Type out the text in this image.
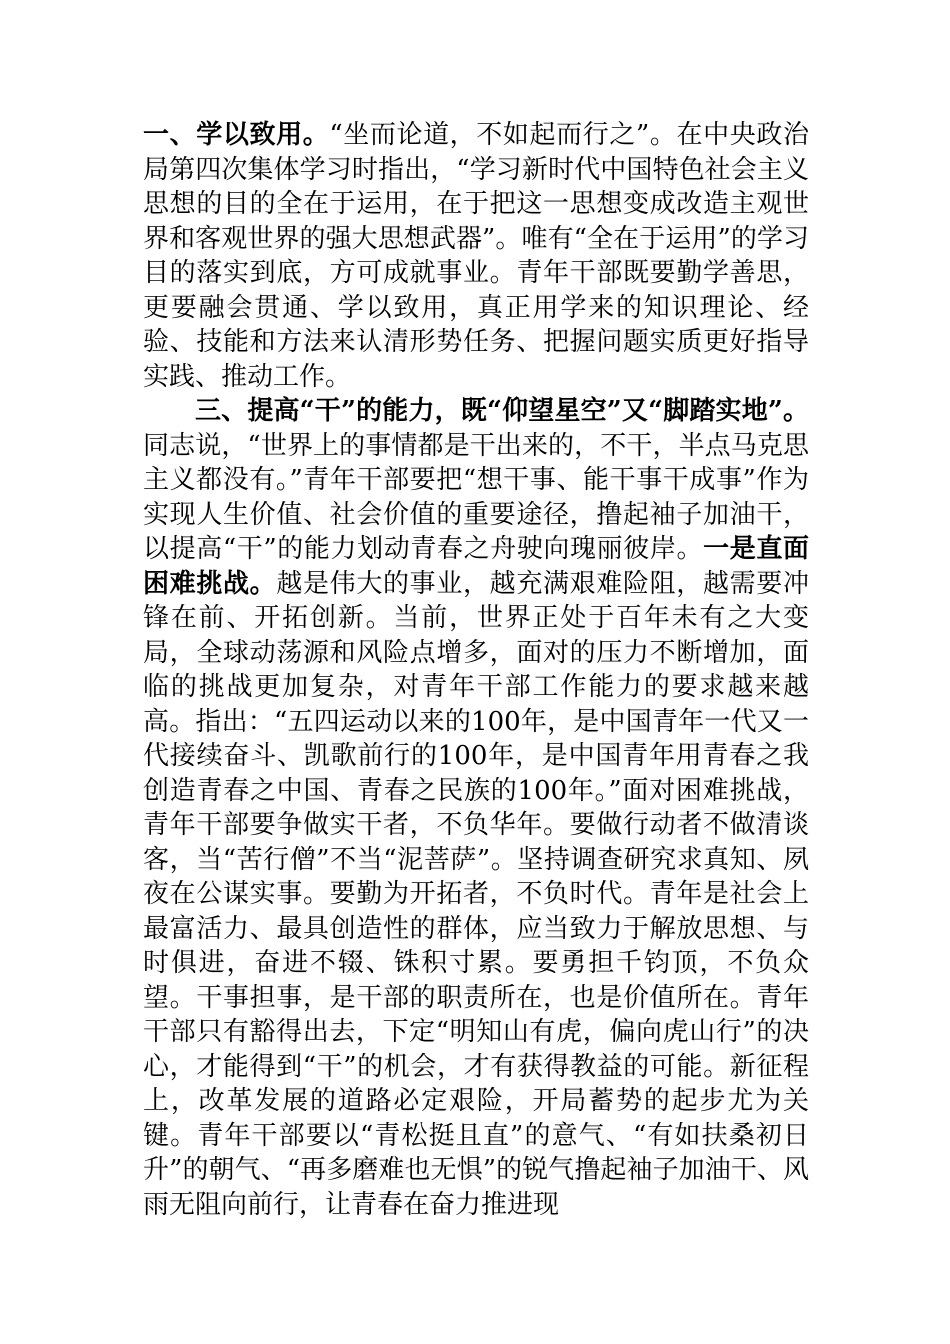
一、学以致用。“坐而论道，不如起而行之”。在中央政治局第四次集体学习时指出，“学习新时代中国特色社会主义思想的目的全在于运用，在于把这一思想变成改造主观世界和客观世界的强大思想武器”。唯有“全在于运用”的学习目的落实到底，方可成就事业。青年干部既要勤学善思，更要融会贯通、学以致用，真正用学来的知识理论、经验、技能和方法来认清形势任务、把握问题实质更好指导实践、推动工作。

三、提高“干”的能力，既“仰望星空”又“脚踏实地”。同志说，“世界上的事情都是干出来的，不干，半点马克思主义都没有。”青年干部要把“想干事、能干事干成事”作为实现人生价值、社会价值的重要途径，撸起袖子加油干，以提高“干”的能力划动青春之舟驶向瑰丽彼岸。一是直面困难挑战。越是伟大的事业，越充满艰难险阻，越需要冲锋在前、开拓创新。当前，世界正处于百年未有之大变局，全球动荡源和风险点增多，面对的压力不断增加，面临的挑战更加复杂，对青年干部工作能力的要求越来越高。指出：“五四运动以来的100年，是中国青年一代又一代接续奋斗、凯歌前行的100年，是中国青年用青春之我创造青春之中国、青春之民族的100年。”面对困难挑战，青年干部要争做实干者，不负华年。要做行动者不做清谈客，当“苦行僧”不当“泥菩萨”。坚持调查研究求真知、夙夜在公谋实事。要勤为开拓者，不负时代。青年是社会上最富活力、最具创造性的群体，应当致力于解放思想、与时俱进，奋进不辍、铢积寸累。要勇担千钧顶，不负众望。干事担事，是干部的职责所在，也是价值所在。青年干部只有豁得出去，下定“明知山有虎，偏向虎山行”的决心，才能得到“干”的机会，才有获得教益的可能。新征程上，改革发展的道路必定艰险，开局蓄势的起步尤为关键。青年干部要以“青松挺且直”的意气、“有如扶桑初日升”的朝气、“再多磨难也无惧”的锐气撸起袖子加油干、风雨无阻向前行，让青春在奋力推进现
